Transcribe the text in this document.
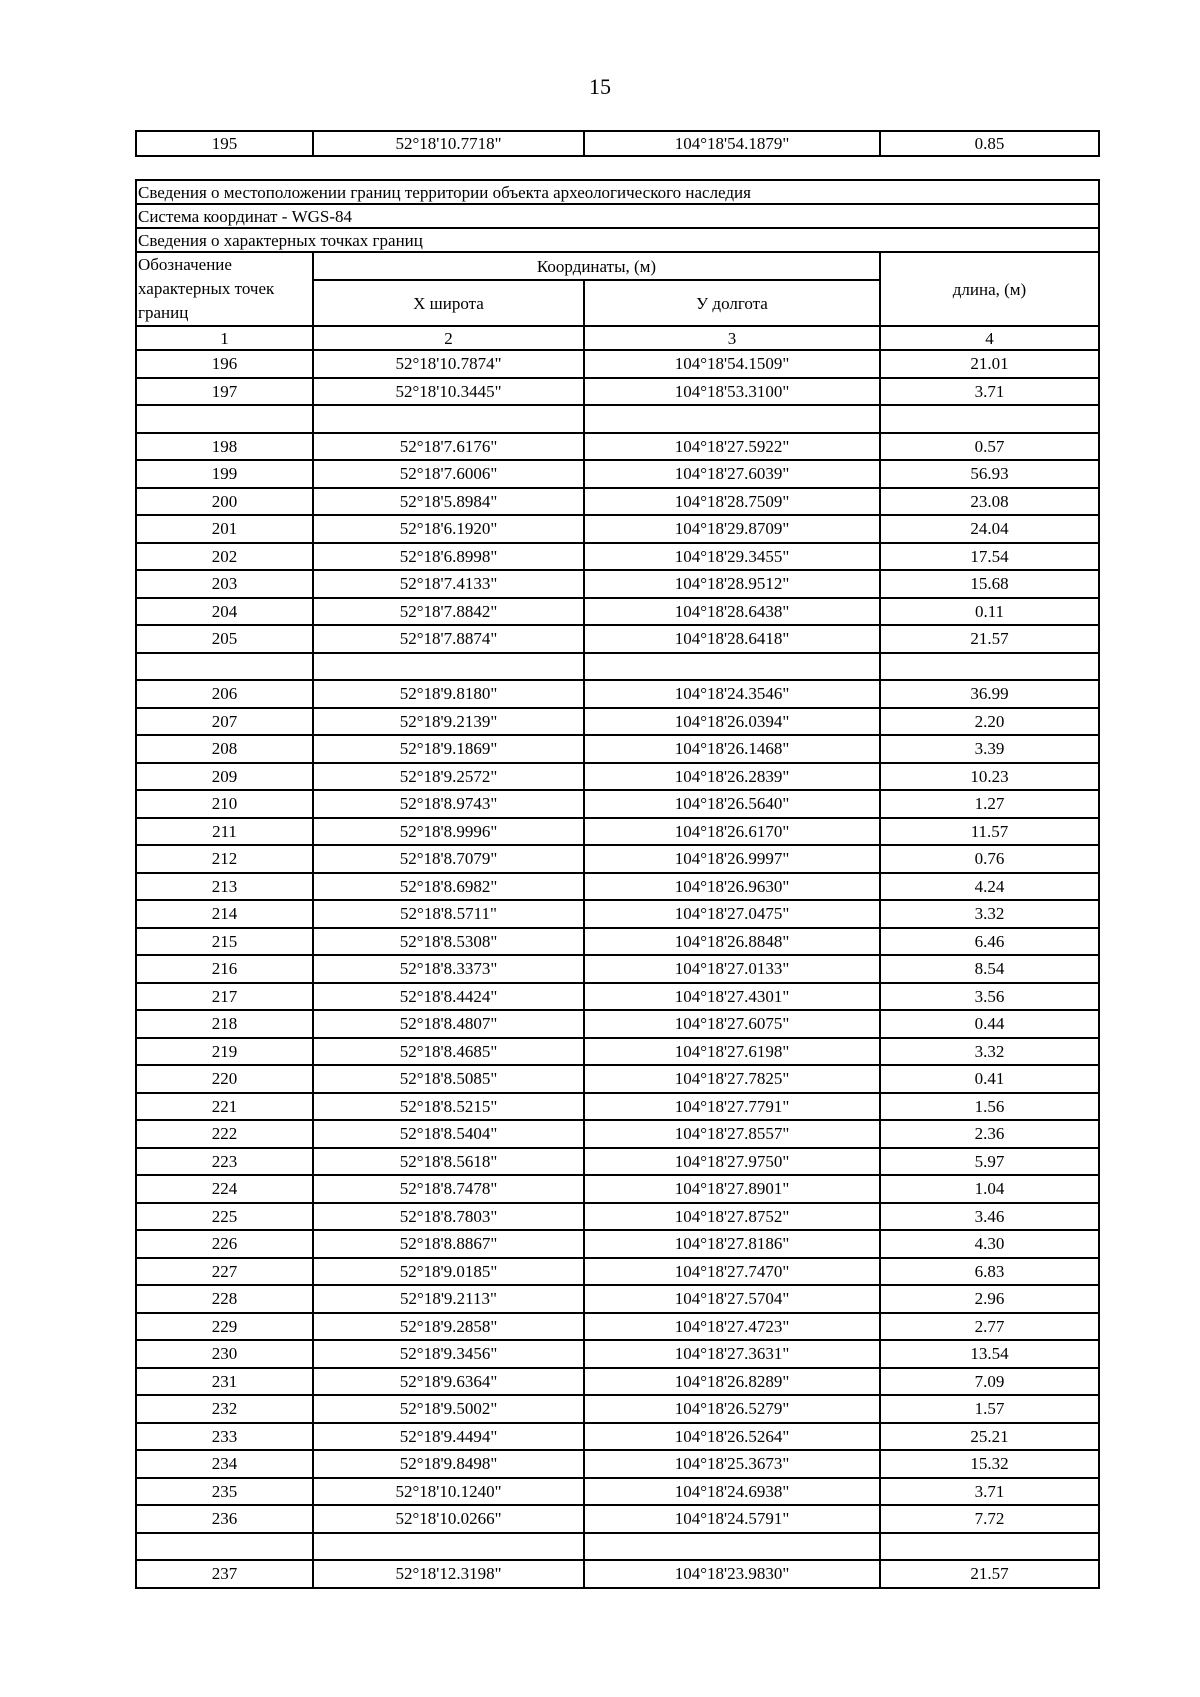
15
195	52°18'10.7718"	104°18'54.1879"	0.85
Сведения о местоположении границ территории объекта археологического наследия			
Система координат - WGS-84			
Сведения о характерных точках границ			
Обозначение характерных точек границ	Координаты, (м)		длина, (м)
	Х широта	У долгота	
1	2	3	4
196	52°18'10.7874"	104°18'54.1509"	21.01
197	52°18'10.3445"	104°18'53.3100"	3.71

198	52°18'7.6176"	104°18'27.5922"	0.57
199	52°18'7.6006"	104°18'27.6039"	56.93
200	52°18'5.8984"	104°18'28.7509"	23.08
201	52°18'6.1920"	104°18'29.8709"	24.04
202	52°18'6.8998"	104°18'29.3455"	17.54
203	52°18'7.4133"	104°18'28.9512"	15.68
204	52°18'7.8842"	104°18'28.6438"	0.11
205	52°18'7.8874"	104°18'28.6418"	21.57

206	52°18'9.8180"	104°18'24.3546"	36.99
207	52°18'9.2139"	104°18'26.0394"	2.20
208	52°18'9.1869"	104°18'26.1468"	3.39
209	52°18'9.2572"	104°18'26.2839"	10.23
210	52°18'8.9743"	104°18'26.5640"	1.27
211	52°18'8.9996"	104°18'26.6170"	11.57
212	52°18'8.7079"	104°18'26.9997"	0.76
213	52°18'8.6982"	104°18'26.9630"	4.24
214	52°18'8.5711"	104°18'27.0475"	3.32
215	52°18'8.5308"	104°18'26.8848"	6.46
216	52°18'8.3373"	104°18'27.0133"	8.54
217	52°18'8.4424"	104°18'27.4301"	3.56
218	52°18'8.4807"	104°18'27.6075"	0.44
219	52°18'8.4685"	104°18'27.6198"	3.32
220	52°18'8.5085"	104°18'27.7825"	0.41
221	52°18'8.5215"	104°18'27.7791"	1.56
222	52°18'8.5404"	104°18'27.8557"	2.36
223	52°18'8.5618"	104°18'27.9750"	5.97
224	52°18'8.7478"	104°18'27.8901"	1.04
225	52°18'8.7803"	104°18'27.8752"	3.46
226	52°18'8.8867"	104°18'27.8186"	4.30
227	52°18'9.0185"	104°18'27.7470"	6.83
228	52°18'9.2113"	104°18'27.5704"	2.96
229	52°18'9.2858"	104°18'27.4723"	2.77
230	52°18'9.3456"	104°18'27.3631"	13.54
231	52°18'9.6364"	104°18'26.8289"	7.09
232	52°18'9.5002"	104°18'26.5279"	1.57
233	52°18'9.4494"	104°18'26.5264"	25.21
234	52°18'9.8498"	104°18'25.3673"	15.32
235	52°18'10.1240"	104°18'24.6938"	3.71
236	52°18'10.0266"	104°18'24.5791"	7.72

237	52°18'12.3198"	104°18'23.9830"	21.57
